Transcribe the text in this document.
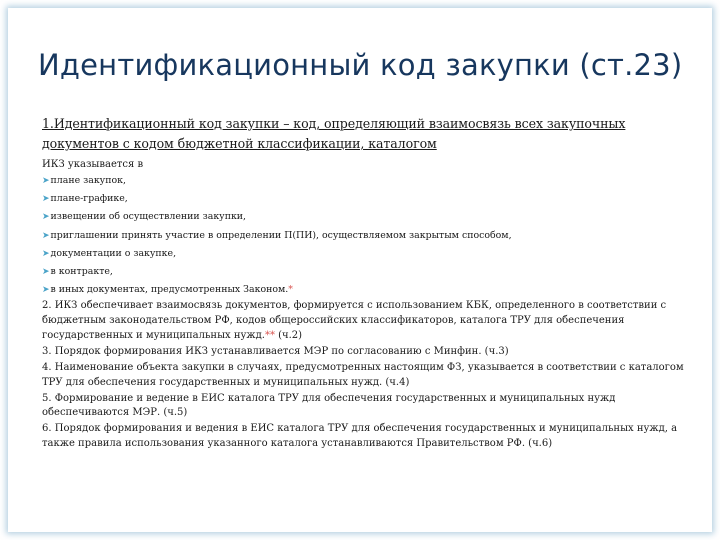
Идентификационный код закупки (ст.23)

1.Идентификационный код закупки – код, определяющий взаимосвязь всех закупочных документов с кодом бюджетной классификации, каталогом

ИКЗ указывается в

➤плане закупок,
➤плане-графике,
➤извещении об осуществлении закупки,
➤приглашении принять участие в определении П(ПИ), осуществляемом закрытым способом,
➤документации о закупке,
➤в контракте,
➤в иных документах, предусмотренных Законом.*

2. ИКЗ обеспечивает взаимосвязь документов, формируется с использованием КБК, определенного в соответствии с бюджетным законодательством РФ, кодов общероссийских классификаторов, каталога ТРУ для обеспечения государственных и муниципальных нужд.** (ч.2)

3. Порядок формирования ИКЗ устанавливается МЭР по согласованию с Минфин. (ч.3)

4. Наименование объекта закупки в случаях, предусмотренных настоящим ФЗ, указывается в соответствии с каталогом ТРУ для обеспечения государственных и муниципальных нужд. (ч.4)

5. Формирование и ведение в ЕИС каталога ТРУ для обеспечения государственных и муниципальных нужд обеспечиваются МЭР. (ч.5)

6. Порядок формирования и ведения в ЕИС каталога ТРУ для обеспечения государственных и муниципальных нужд, а также правила использования указанного каталога устанавливаются Правительством РФ. (ч.6)
